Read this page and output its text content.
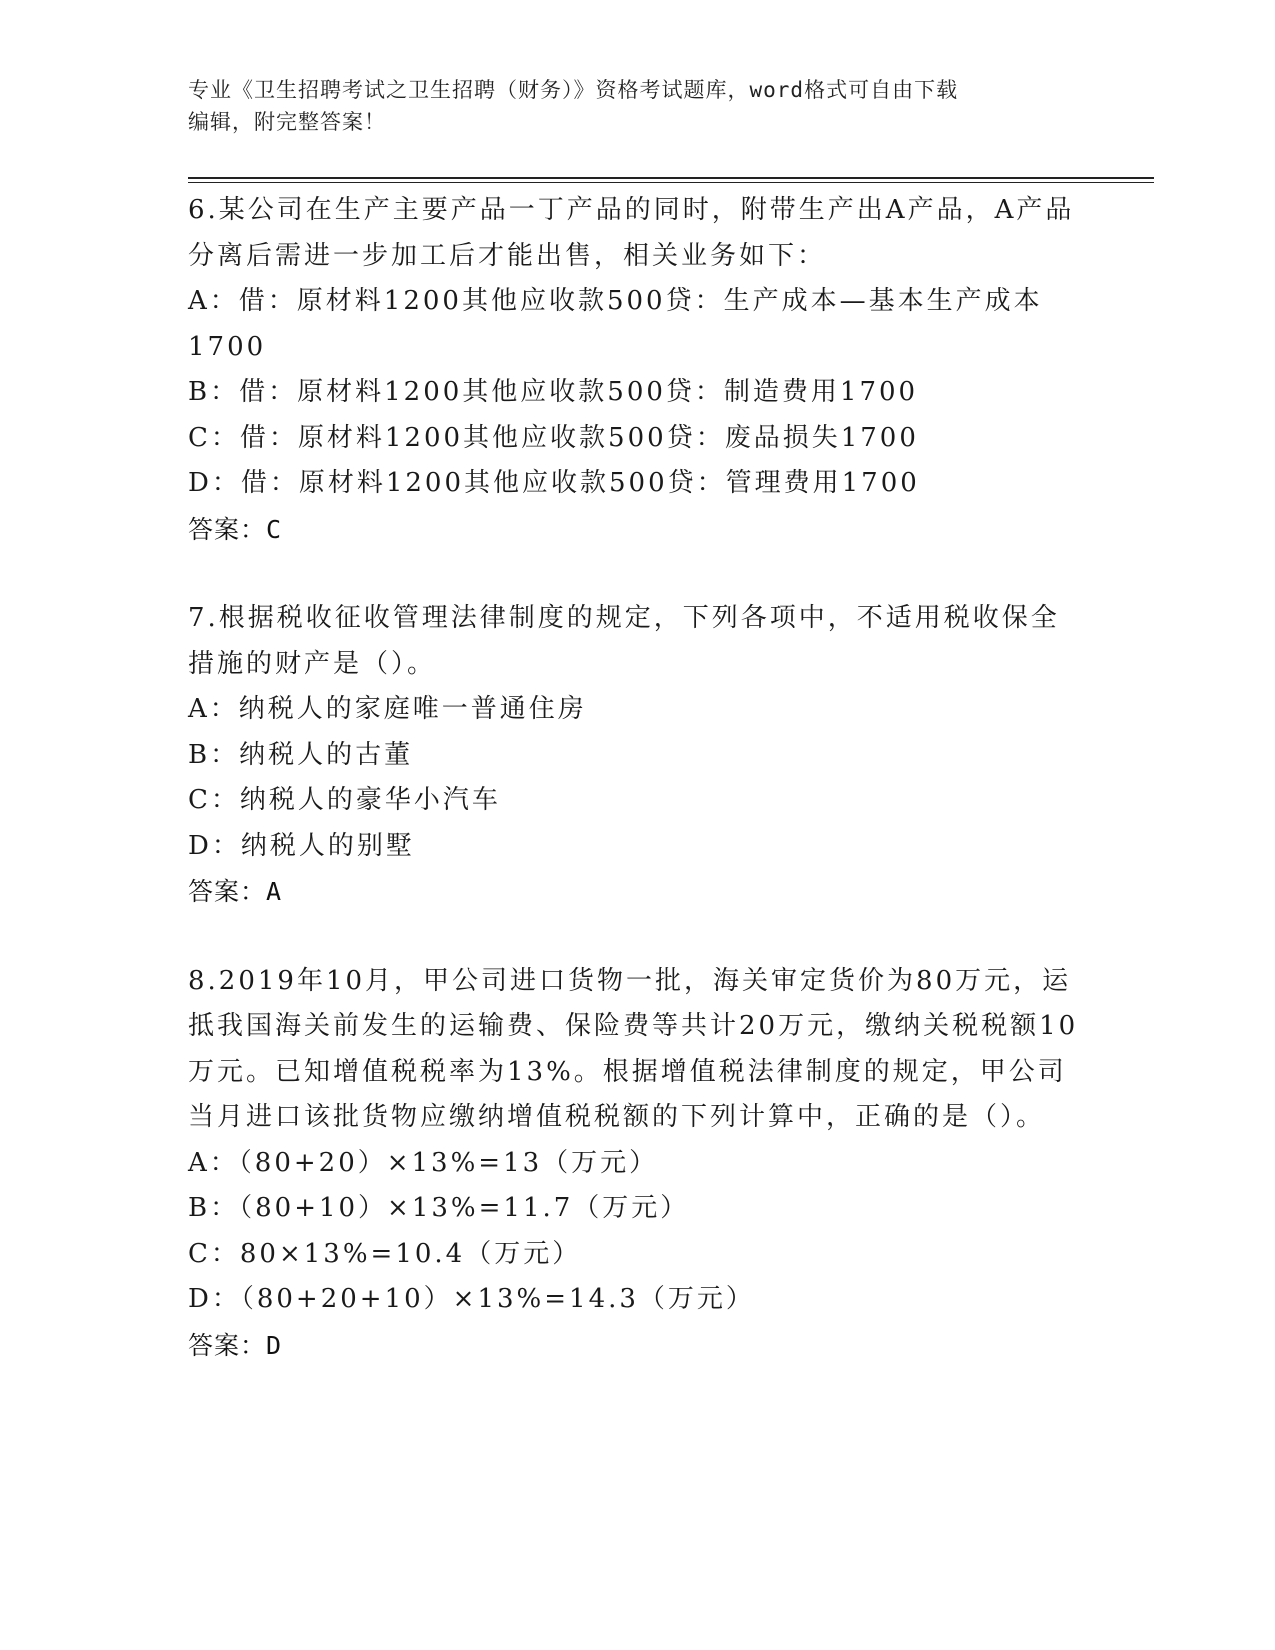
专业《卫生招聘考试之卫生招聘（财务）》资格考试题库，word格式可自由下载
编辑，附完整答案！
6.某公司在生产主要产品一丁产品的同时，附带生产出A产品，A产品
分离后需进一步加工后才能出售，相关业务如下：
A：借：原材料1200其他应收款500贷：生产成本—基本生产成本
1700
B：借：原材料1200其他应收款500贷：制造费用1700
C：借：原材料1200其他应收款500贷：废品损失1700
D：借：原材料1200其他应收款500贷：管理费用1700
答案：C
7.根据税收征收管理法律制度的规定，下列各项中，不适用税收保全
措施的财产是（）。
A：纳税人的家庭唯一普通住房
B：纳税人的古董
C：纳税人的豪华小汽车
D：纳税人的别墅
答案：A
8.2019年10月，甲公司进口货物一批，海关审定货价为80万元，运
抵我国海关前发生的运输费、保险费等共计20万元，缴纳关税税额10
万元。已知增值税税率为13%。根据增值税法律制度的规定，甲公司
当月进口该批货物应缴纳增值税税额的下列计算中，正确的是（）。
A：（80+20）×13%=13（万元）
B：（80+10）×13%=11.7（万元）
C：80×13%=10.4（万元）
D：（80+20+10）×13%=14.3（万元）
答案：D
